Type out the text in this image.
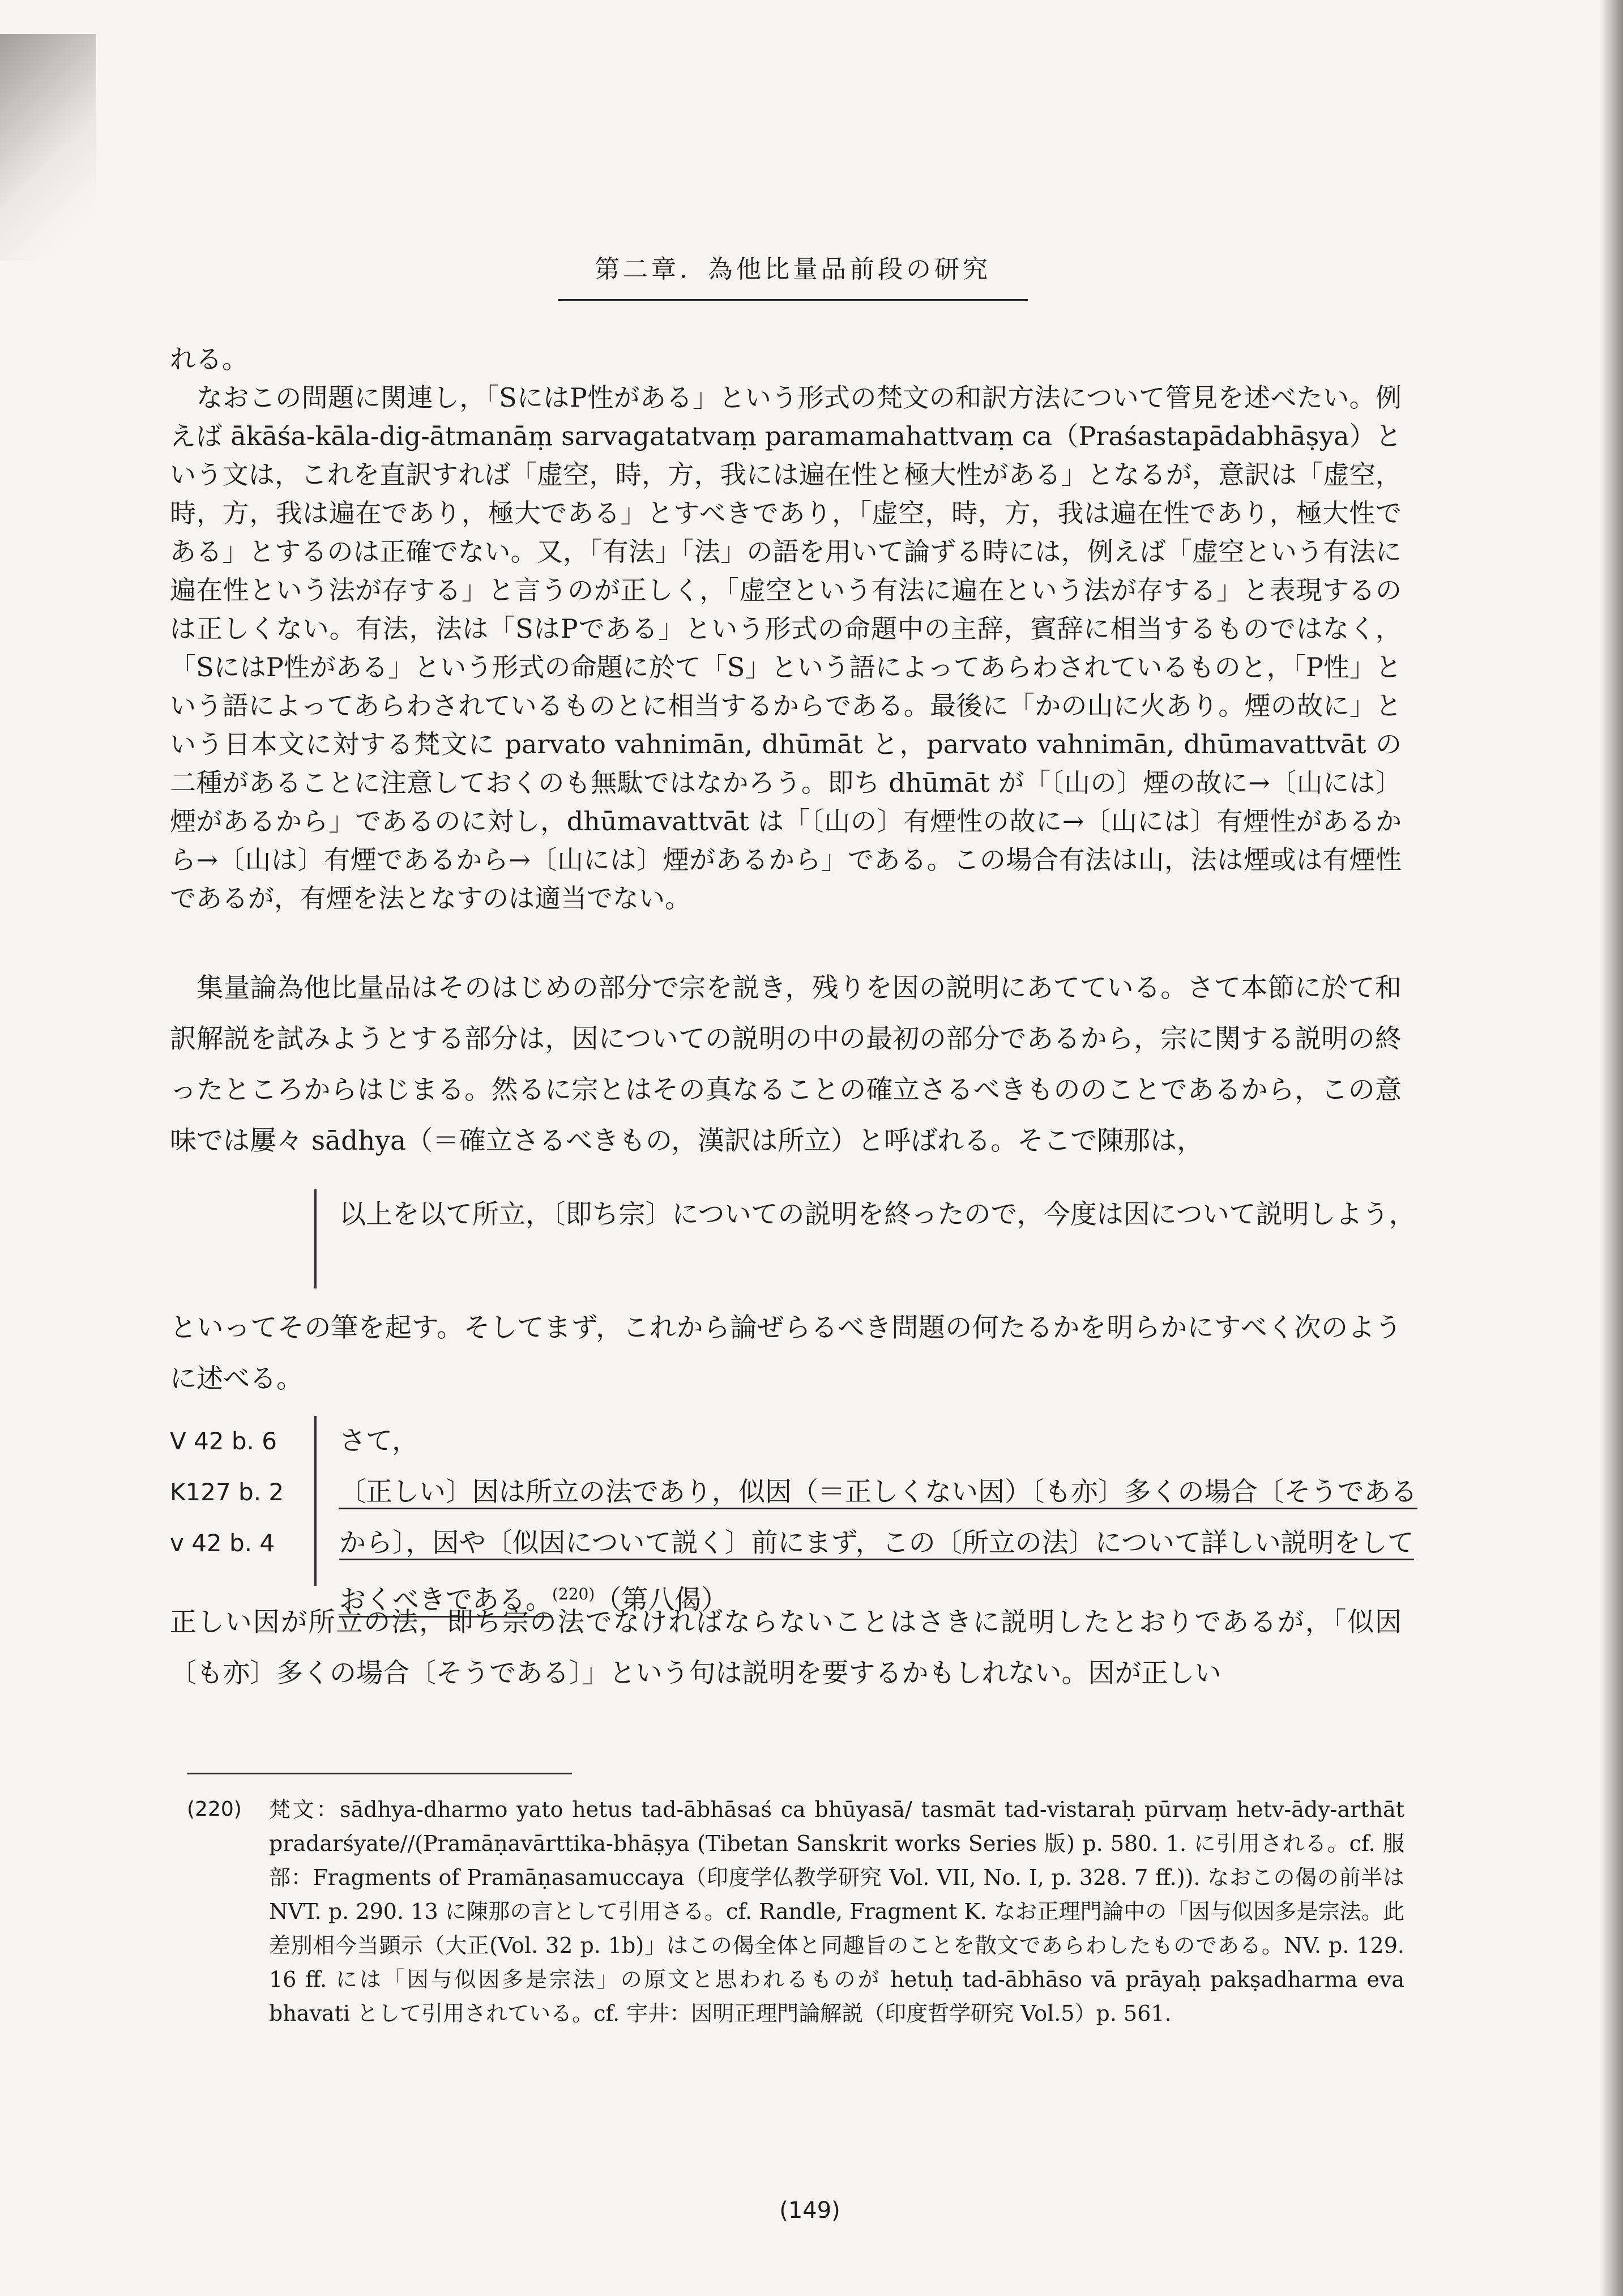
第二章．為他比量品前段の研究

れる。

なおこの問題に関連し，「SにはP性がある」という形式の梵文の和訳方法について管見を述べたい。例えば ākāśa-kāla-dig-ātmanāṃ sarvagatatvaṃ paramamahattvaṃ ca（Praśastapādabhāṣya）という文は，これを直訳すれば「虚空，時，方，我には遍在性と極大性がある」となるが，意訳は「虚空，時，方，我は遍在であり，極大である」とすべきであり，「虚空，時，方，我は遍在性であり，極大性である」とするのは正確でない。又，「有法」「法」の語を用いて論ずる時には，例えば「虚空という有法に遍在性という法が存する」と言うのが正しく，「虚空という有法に遍在という法が存する」と表現するのは正しくない。有法，法は「SはPである」という形式の命題中の主辞，賓辞に相当するものではなく，「SにはP性がある」という形式の命題に於て「S」という語によってあらわされているものと，「P性」という語によってあらわされているものとに相当するからである。最後に「かの山に火あり。煙の故に」という日本文に対する梵文に parvato vahnimān, dhūmāt と，parvato vahnimān, dhūmavattvāt の二種があることに注意しておくのも無駄ではなかろう。即ち dhūmāt が「〔山の〕煙の故に→〔山には〕煙があるから」であるのに対し，dhūmavattvāt は「〔山の〕有煙性の故に→〔山には〕有煙性があるから→〔山は〕有煙であるから→〔山には〕煙があるから」である。この場合有法は山，法は煙或は有煙性であるが，有煙を法となすのは適当でない。

集量論為他比量品はそのはじめの部分で宗を説き，残りを因の説明にあてている。さて本節に於て和訳解説を試みようとする部分は，因についての説明の中の最初の部分であるから，宗に関する説明の終ったところからはじまる。然るに宗とはその真なることの確立さるべきもののことであるから，この意味では屢々 sādhya（＝確立さるべきもの，漢訳は所立）と呼ばれる。そこで陳那は，

以上を以て所立，〔即ち宗〕についての説明を終ったので，今度は因について説明しよう，

といってその筆を起す。そしてまず，これから論ぜらるべき問題の何たるかを明らかにすべく次のように述べる。

V 42 b. 6
K127 b. 2
v 42 b. 4
さて，
〔正しい〕因は所立の法であり，似因（＝正しくない因）〔も亦〕多くの場合〔そうであるから〕，因や〔似因について説く〕前にまず，この〔所立の法〕について詳しい説明をしておくべきである。$^{(220)}$（第八偈）

正しい因が所立の法，即ち宗の法でなければならないことはさきに説明したとおりであるが，「似因〔も亦〕多くの場合〔そうである〕」という句は説明を要するかもしれない。因が正しい

(220)	梵文：sādhya-dharmo yato hetus tad-ābhāsaś ca bhūyasā/ tasmāt tad-vistaraḥ pūrvaṃ hetv-ādy-arthāt pradarśyate//(Pramāṇavārttika-bhāṣya (Tibetan Sanskrit works Series 版) p. 580. 1. に引用される。cf. 服部：Fragments of Pramāṇasamuccaya（印度学仏教学研究 Vol. VII, No. I, p. 328. 7 ff.)). なおこの偈の前半は NVT. p. 290. 13 に陳那の言として引用さる。cf. Randle, Fragment K. なお正理門論中の「因与似因多是宗法。此差別相今当顕示（大正(Vol. 32 p. 1b)」はこの偈全体と同趣旨のことを散文であらわしたものである。NV. p. 129. 16 ff. には「因与似因多是宗法」の原文と思われるものが hetuḥ tad-ābhāso vā prāyaḥ pakṣadharma eva bhavati として引用されている。cf. 宇井：因明正理門論解説（印度哲学研究 Vol.5）p. 561.
(149)
